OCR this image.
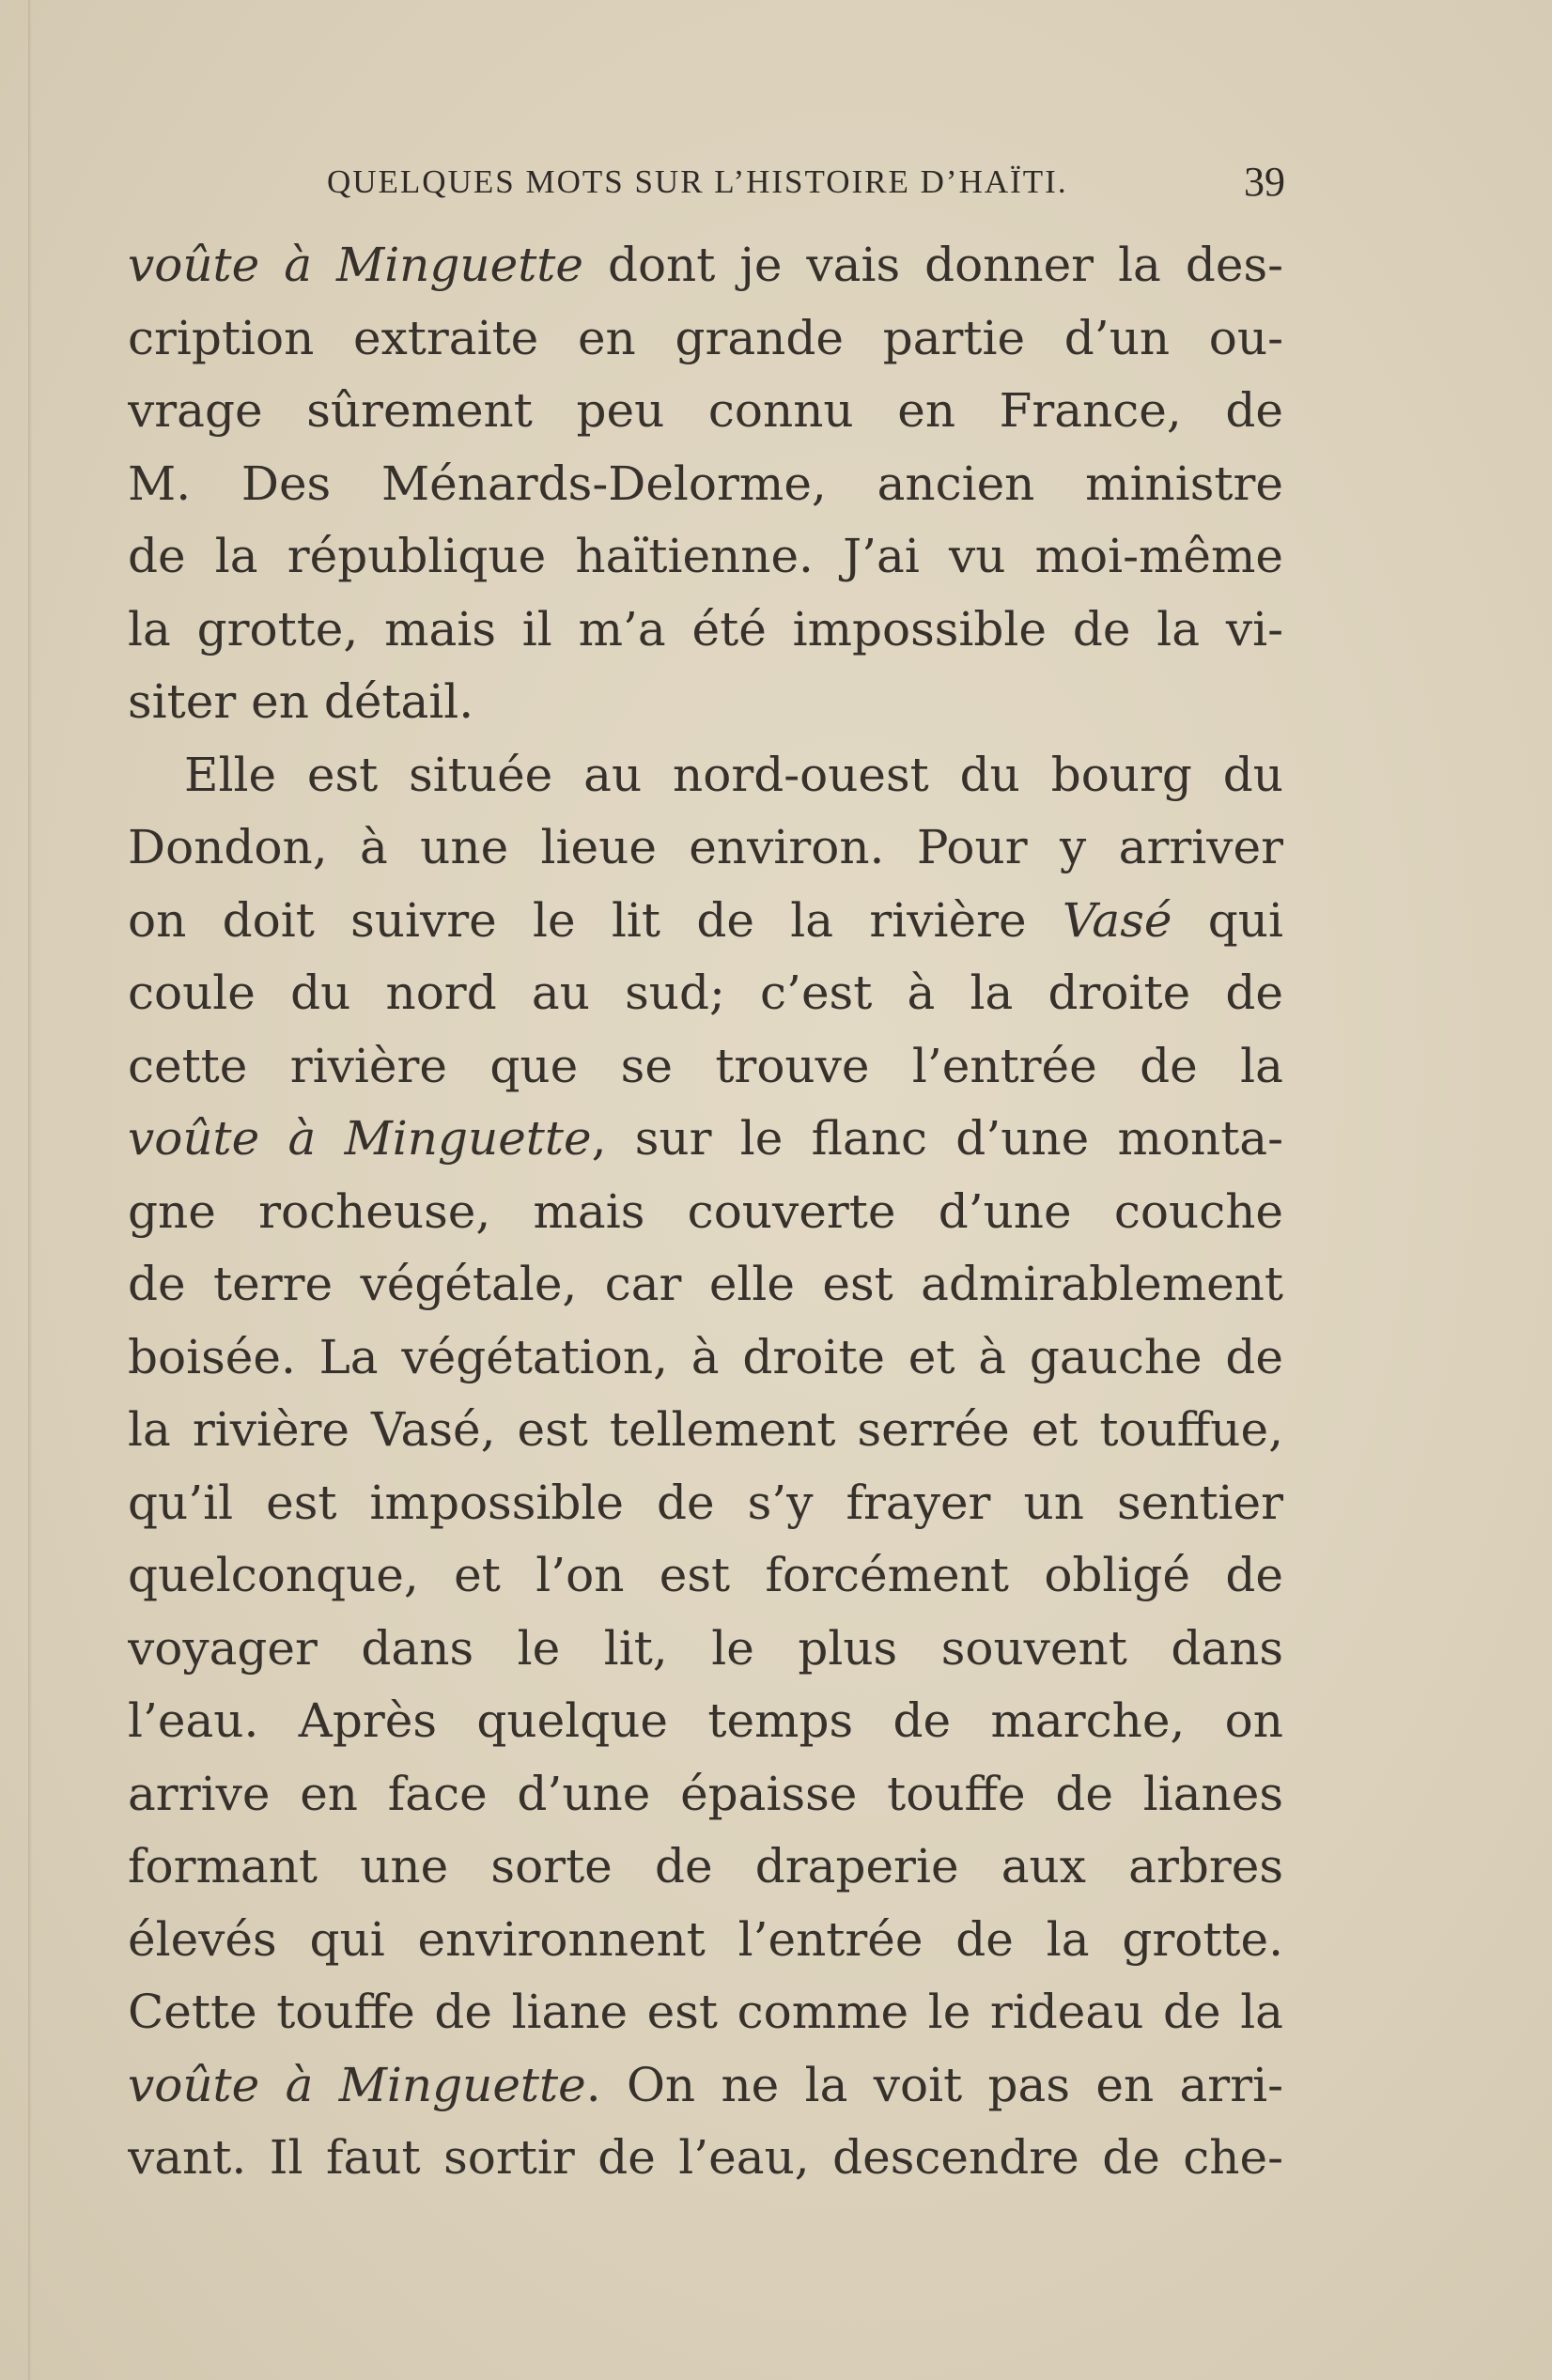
QUELQUES MOTS SUR L’HISTOIRE D’HAÏTI.	39
voûte à Minguette dont je vais donner la des-
cription extraite en grande partie d’un ou-
vrage sûrement peu connu en France, de
M. Des Ménards-Delorme, ancien ministre
de la république haïtienne. J’ai vu moi-même
la grotte, mais il m’a été impossible de la vi-
siter en détail.
Elle est située au nord-ouest du bourg du
Dondon, à une lieue environ. Pour y arriver
on doit suivre le lit de la rivière Vasé qui
coule du nord au sud; c’est à la droite de
cette rivière que se trouve l’entrée de la
voûte à Minguette, sur le flanc d’une monta-
gne rocheuse, mais couverte d’une couche
de terre végétale, car elle est admirablement
boisée. La végétation, à droite et à gauche de
la rivière Vasé, est tellement serrée et touffue,
qu’il est impossible de s’y frayer un sentier
quelconque, et l’on est forcément obligé de
voyager dans le lit, le plus souvent dans
l’eau. Après quelque temps de marche, on
arrive en face d’une épaisse touffe de lianes
formant une sorte de draperie aux arbres
élevés qui environnent l’entrée de la grotte.
Cette touffe de liane est comme le rideau de la
voûte à Minguette. On ne la voit pas en arri-
vant. Il faut sortir de l’eau, descendre de che-
